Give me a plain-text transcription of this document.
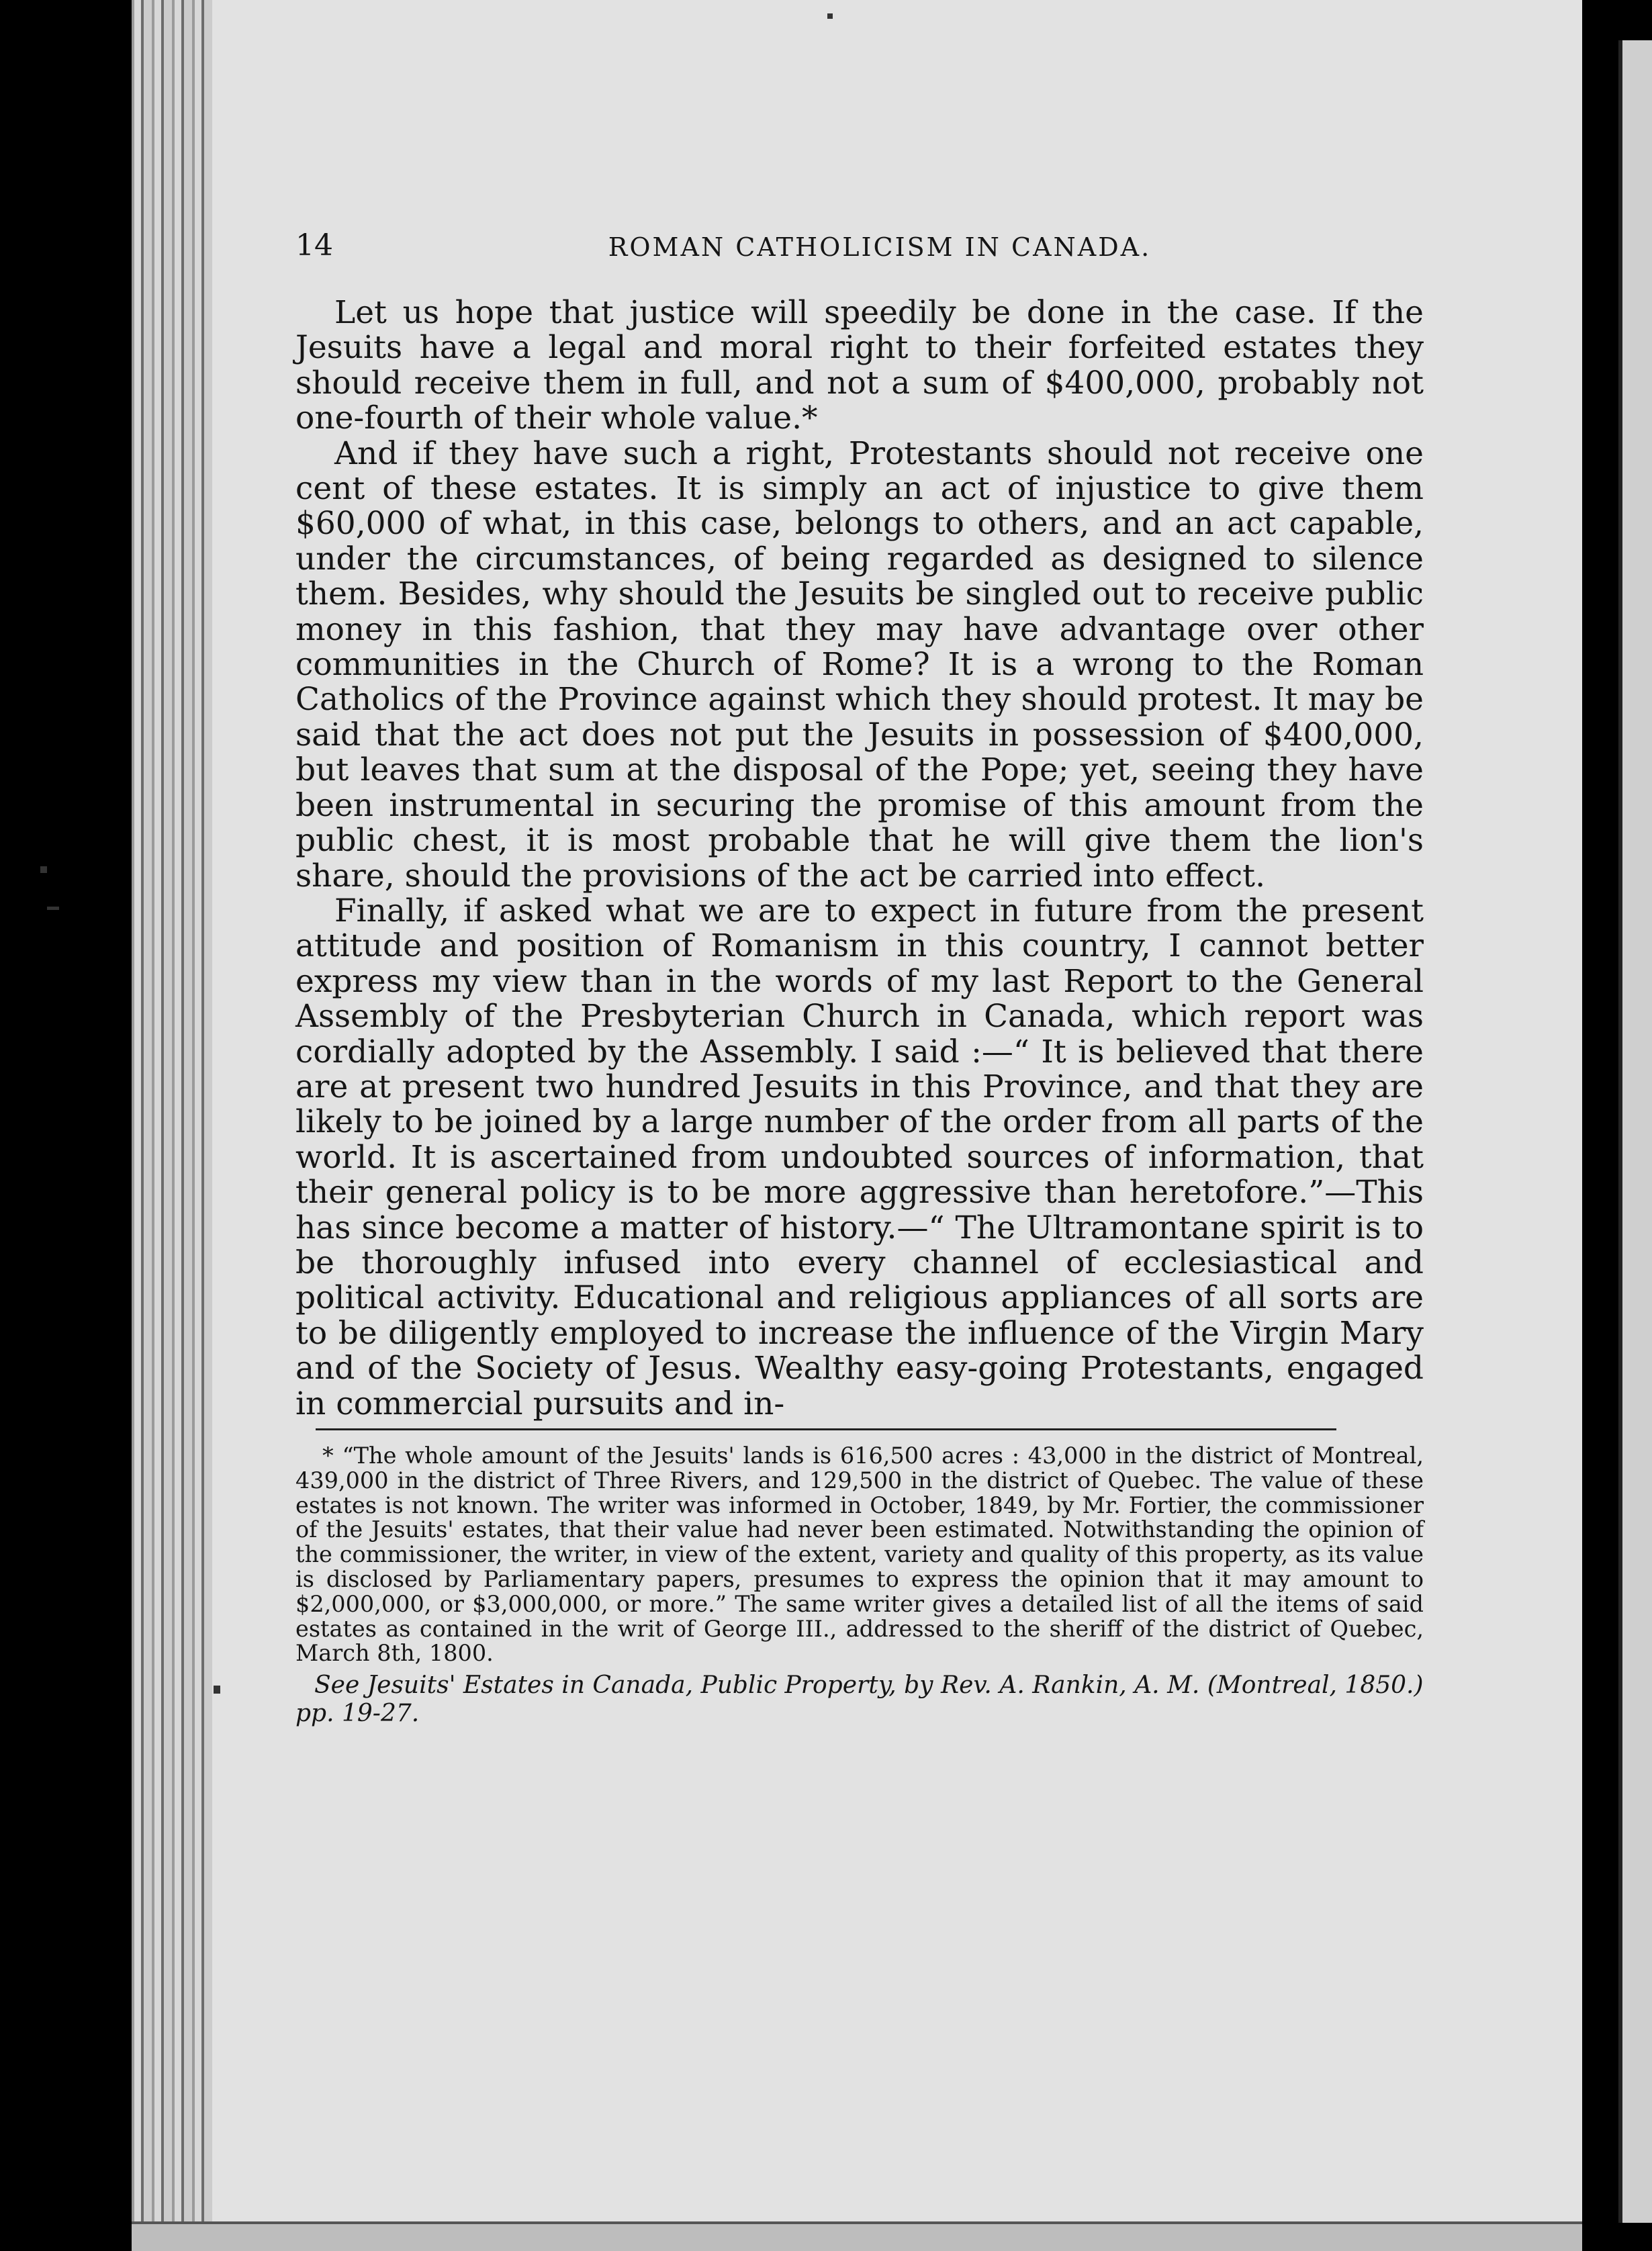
14	ROMAN CATHOLICISM IN CANADA.

Let us hope that justice will speedily be done in the case. If the Jesuits have a legal and moral right to their forfeited estates they should receive them in full, and not a sum of $400,000, probably not one-fourth of their whole value.*

And if they have such a right, Protestants should not receive one cent of these estates. It is simply an act of injustice to give them $60,000 of what, in this case, belongs to others, and an act capable, under the circumstances, of being regarded as designed to silence them. Besides, why should the Jesuits be singled out to receive public money in this fashion, that they may have advantage over other communities in the Church of Rome? It is a wrong to the Roman Catholics of the Province against which they should protest. It may be said that the act does not put the Jesuits in possession of $400,000, but leaves that sum at the disposal of the Pope; yet, seeing they have been instrumental in securing the promise of this amount from the public chest, it is most probable that he will give them the lion's share, should the provisions of the act be carried into effect.

Finally, if asked what we are to expect in future from the present attitude and position of Romanism in this country, I cannot better express my view than in the words of my last Report to the General Assembly of the Presbyterian Church in Canada, which report was cordially adopted by the Assembly. I said :—“ It is believed that there are at present two hundred Jesuits in this Province, and that they are likely to be joined by a large number of the order from all parts of the world. It is ascertained from undoubted sources of information, that their general policy is to be more aggressive than heretofore.”—This has since become a matter of history.—“ The Ultramontane spirit is to be thoroughly infused into every channel of ecclesiastical and political activity. Educational and religious appliances of all sorts are to be diligently employed to increase the influence of the Virgin Mary and of the Society of Jesus. Wealthy easy-going Protestants, engaged in commercial pursuits and in-

* “The whole amount of the Jesuits' lands is 616,500 acres : 43,000 in the district of Montreal, 439,000 in the district of Three Rivers, and 129,500 in the district of Quebec. The value of these estates is not known. The writer was informed in October, 1849, by Mr. Fortier, the commissioner of the Jesuits' estates, that their value had never been estimated. Notwithstanding the opinion of the commissioner, the writer, in view of the extent, variety and quality of this property, as its value is disclosed by Parliamentary papers, presumes to express the opinion that it may amount to $2,000,000, or $3,000,000, or more.” The same writer gives a detailed list of all the items of said estates as contained in the writ of George III., addressed to the sheriff of the district of Quebec, March 8th, 1800.

See Jesuits' Estates in Canada, Public Property, by Rev. A. Rankin, A. M. (Montreal, 1850.) pp. 19-27.
